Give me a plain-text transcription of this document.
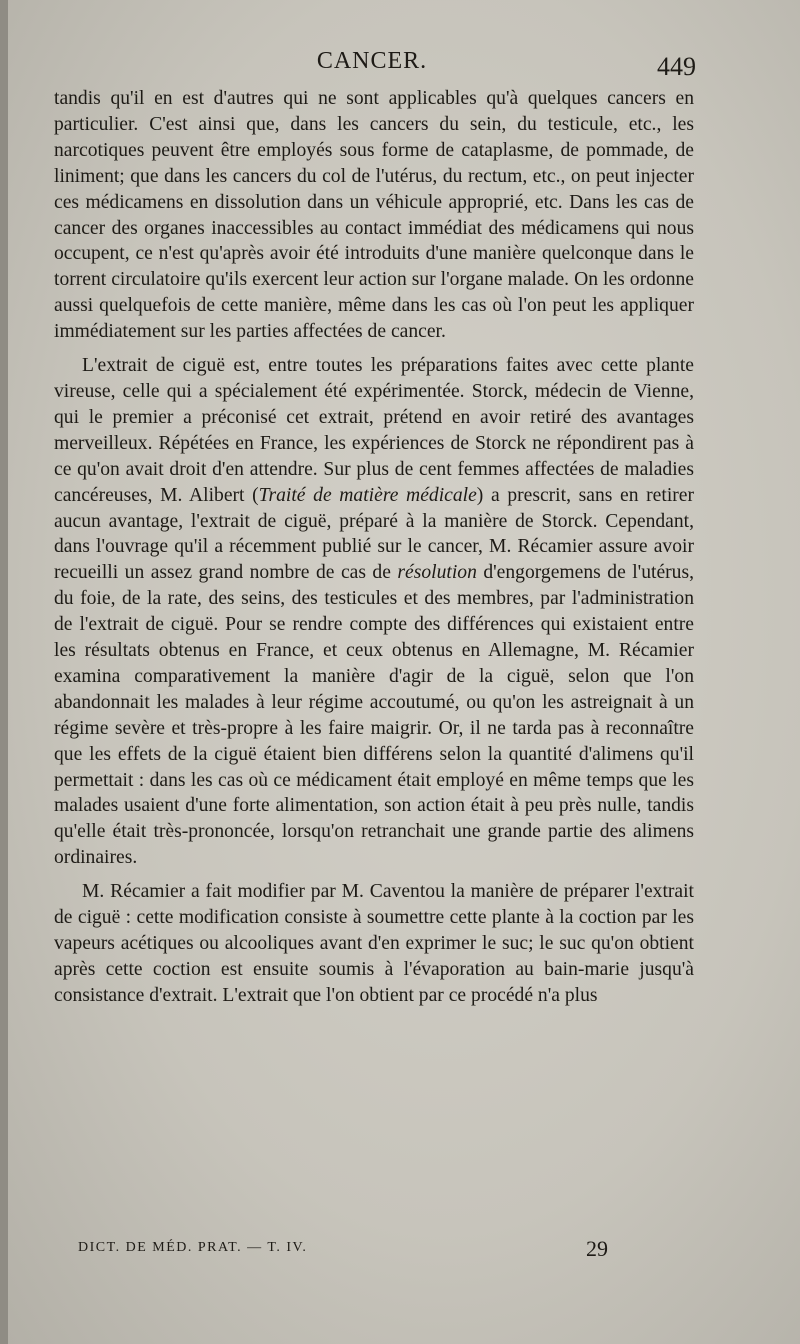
CANCER.	449

tandis qu'il en est d'autres qui ne sont applicables qu'à quelques cancers en particulier. C'est ainsi que, dans les cancers du sein, du testicule, etc., les narcotiques peuvent être employés sous forme de cataplasme, de pommade, de liniment; que dans les cancers du col de l'utérus, du rectum, etc., on peut injecter ces médicamens en dissolution dans un véhicule approprié, etc. Dans les cas de cancer des organes inaccessibles au contact immédiat des médicamens qui nous occupent, ce n'est qu'après avoir été introduits d'une manière quelconque dans le torrent circulatoire qu'ils exercent leur action sur l'organe malade. On les ordonne aussi quelquefois de cette manière, même dans les cas où l'on peut les appliquer immédiatement sur les parties affectées de cancer.

L'extrait de ciguë est, entre toutes les préparations faites avec cette plante vireuse, celle qui a spécialement été expérimentée. Storck, médecin de Vienne, qui le premier a préconisé cet extrait, prétend en avoir retiré des avantages merveilleux. Répétées en France, les expériences de Storck ne répondirent pas à ce qu'on avait droit d'en attendre. Sur plus de cent femmes affectées de maladies cancéreuses, M. Alibert (Traité de matière médicale) a prescrit, sans en retirer aucun avantage, l'extrait de ciguë, préparé à la manière de Storck. Cependant, dans l'ouvrage qu'il a récemment publié sur le cancer, M. Récamier assure avoir recueilli un assez grand nombre de cas de résolution d'engorgemens de l'utérus, du foie, de la rate, des seins, des testicules et des membres, par l'administration de l'extrait de ciguë. Pour se rendre compte des différences qui existaient entre les résultats obtenus en France, et ceux obtenus en Allemagne, M. Récamier examina comparativement la manière d'agir de la ciguë, selon que l'on abandonnait les malades à leur régime accoutumé, ou qu'on les astreignait à un régime sevère et très-propre à les faire maigrir. Or, il ne tarda pas à reconnaître que les effets de la ciguë étaient bien différens selon la quantité d'alimens qu'il permettait : dans les cas où ce médicament était employé en même temps que les malades usaient d'une forte alimentation, son action était à peu près nulle, tandis qu'elle était très-prononcée, lorsqu'on retranchait une grande partie des alimens ordinaires.

M. Récamier a fait modifier par M. Caventou la manière de préparer l'extrait de ciguë : cette modification consiste à soumettre cette plante à la coction par les vapeurs acétiques ou alcooliques avant d'en exprimer le suc; le suc qu'on obtient après cette coction est ensuite soumis à l'évaporation au bain-marie jusqu'à consistance d'extrait. L'extrait que l'on obtient par ce procédé n'a plus

DICT. DE MÉD. PRAT. — T. IV.	29
